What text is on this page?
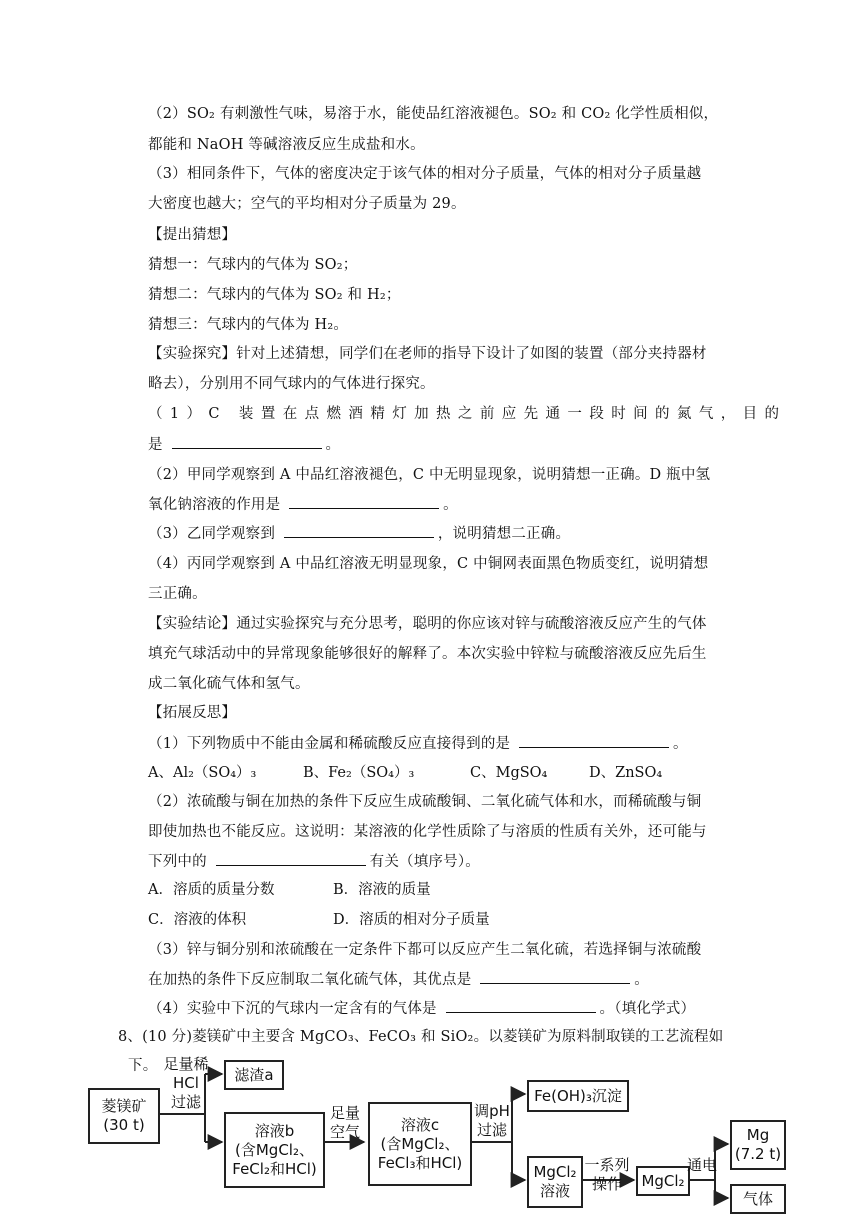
（2）SO₂ 有刺激性气味，易溶于水，能使品红溶液褪色。SO₂ 和 CO₂ 化学性质相似，
都能和 NaOH 等碱溶液反应生成盐和水。
（3）相同条件下，气体的密度决定于该气体的相对分子质量，气体的相对分子质量越
大密度也越大；空气的平均相对分子质量为 29。
【提出猜想】
猜想一：气球内的气体为 SO₂；
猜想二：气球内的气体为 SO₂ 和 H₂；
猜想三：气球内的气体为 H₂。
【实验探究】针对上述猜想，同学们在老师的指导下设计了如图的装置（部分夹持器材
略去），分别用不同气球内的气体进行探究。
（1）C 装置在点燃酒精灯加热之前应先通一段时间的氮气，目的
是	。
（2）甲同学观察到 A 中品红溶液褪色，C 中无明显现象，说明猜想一正确。D 瓶中氢
氧化钠溶液的作用是	。
（3）乙同学观察到	，说明猜想二正确。
（4）丙同学观察到 A 中品红溶液无明显现象，C 中铜网表面黑色物质变红，说明猜想
三正确。
【实验结论】通过实验探究与充分思考，聪明的你应该对锌与硫酸溶液反应产生的气体
填充气球活动中的异常现象能够很好的解释了。本次实验中锌粒与硫酸溶液反应先后生
成二氧化硫气体和氢气。
【拓展反思】
（1）下列物质中不能由金属和稀硫酸反应直接得到的是	。
A、Al₂（SO₄）₃	B、Fe₂（SO₄）₃	C、MgSO₄	D、ZnSO₄
（2）浓硫酸与铜在加热的条件下反应生成硫酸铜、二氧化硫气体和水，而稀硫酸与铜
即使加热也不能反应。这说明：某溶液的化学性质除了与溶质的性质有关外，还可能与
下列中的	有关（填序号）。
A．溶质的质量分数	B．溶液的质量
C．溶液的体积	D．溶质的相对分子质量
（3）锌与铜分别和浓硫酸在一定条件下都可以反应产生二氧化硫，若选择铜与浓硫酸
在加热的条件下反应制取二氧化硫气体，其优点是	。
（4）实验中下沉的气球内一定含有的气体是	。（填化学式）
8、(10 分)菱镁矿中主要含 MgCO₃、FeCO₃ 和 SiO₂。以菱镁矿为原料制取镁的工艺流程如
下。
菱镁矿
(30 t)
足量稀
HCl
过滤
滤渣a
溶液b
(含MgCl₂、
FeCl₂和HCl)
足量
空气	溶液c
(含MgCl₂、
FeCl₃和HCl)
调pH
过滤
Fe(OH)₃沉淀
MgCl₂
溶液
一系列
操作	MgCl₂
通电
Mg
(7.2 t)
气体
